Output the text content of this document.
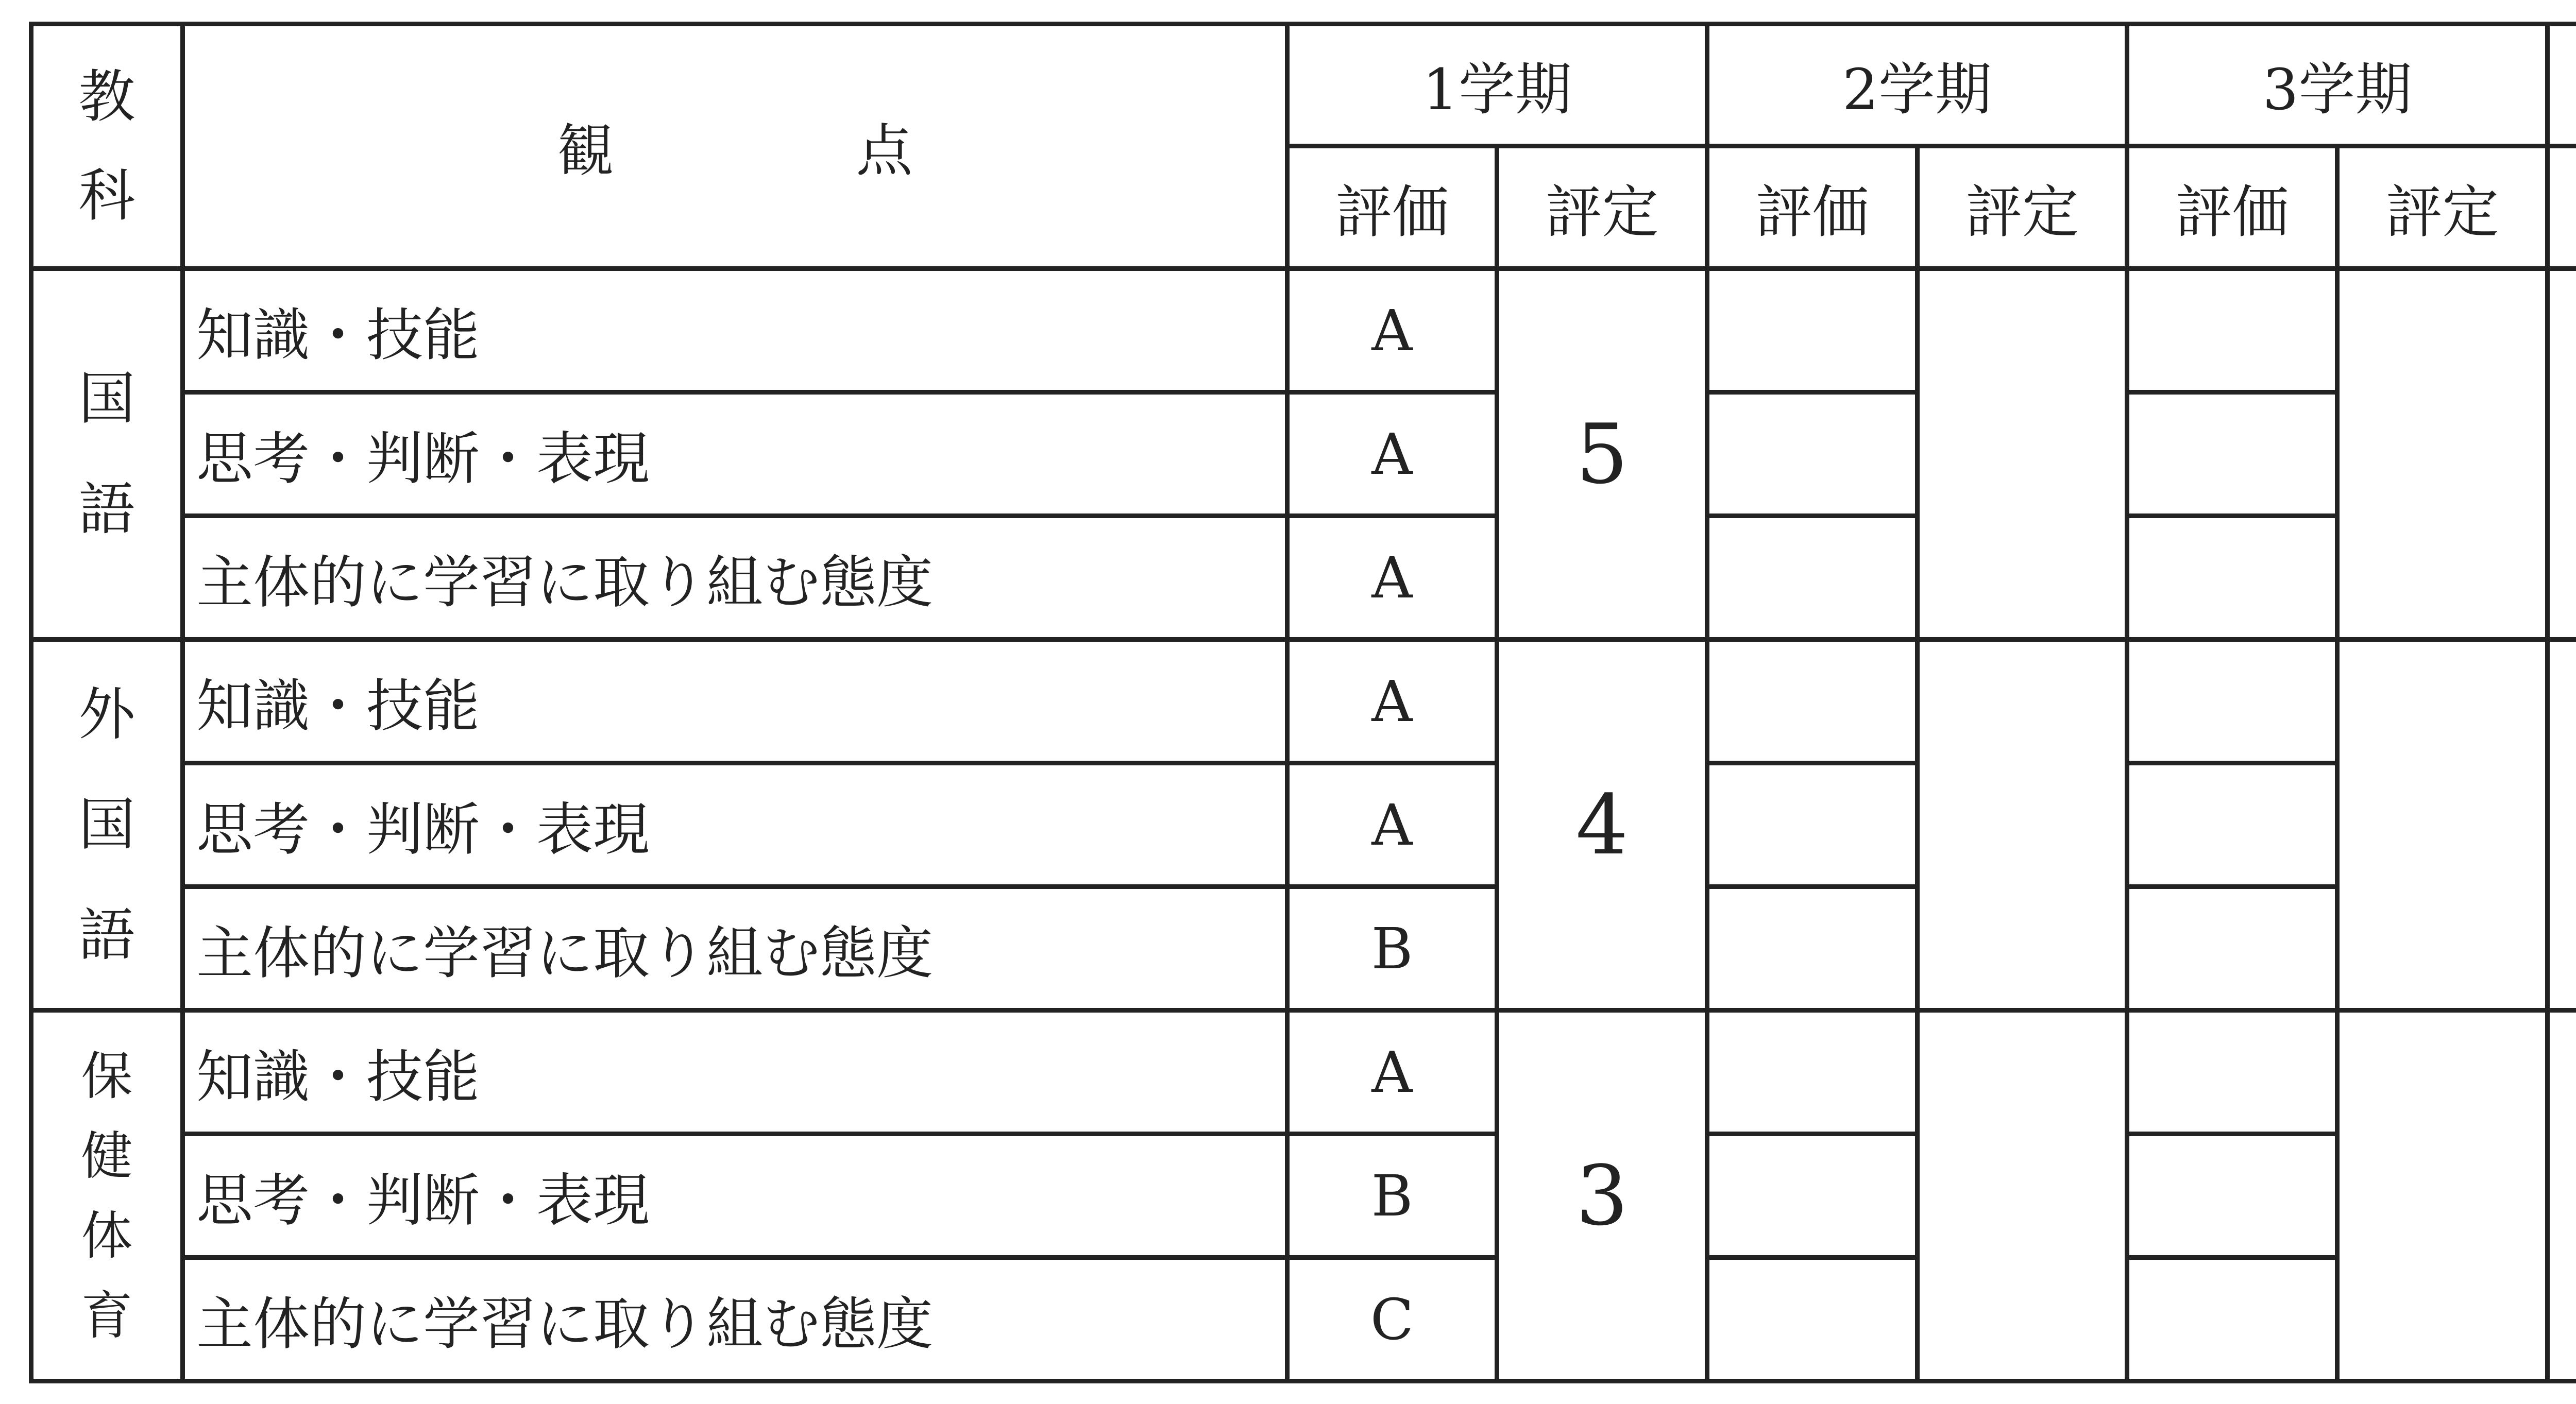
教
科	観 点	1学期		2学期		3学期	
		評価	評定	評価	評定	評価	評定	

国
語	知識・技能	A	5					
	思考・判断・表現	A						
	主体的に学習に取り組む態度	A						

外
国
語	知識・技能	A	4					
	思考・判断・表現	A						
	主体的に学習に取り組む態度	B						

保
健
体
育	知識・技能	A	3					
	思考・判断・表現	B						
	主体的に学習に取り組む態度	C						
